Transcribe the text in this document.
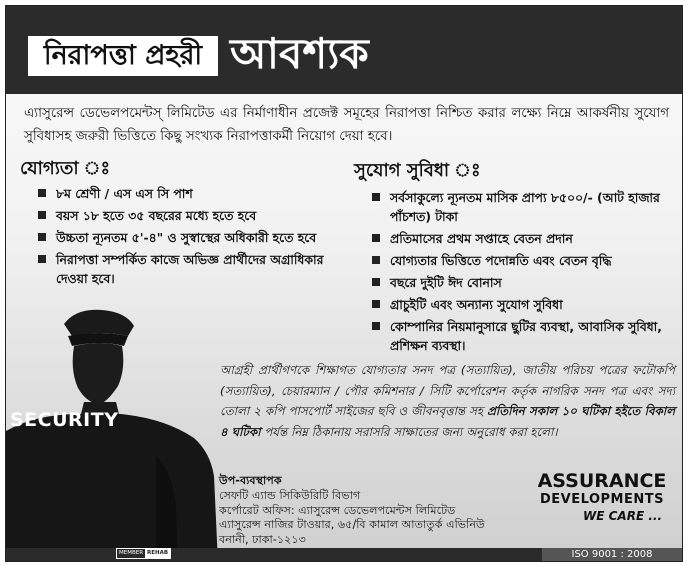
নিরাপত্তা প্রহরী আবশ্যক
এ্যাসুরেন্স ডেভেলপমেন্টস্ লিমিটেড এর নির্মাণাধীন প্রজেক্ট সমূহের নিরাপত্তা নিশ্চিত করার লক্ষ্যে নিম্নে আকর্ষনীয় সুযোগ সুবিধাসহ জরুরী ভিত্তিতে কিছু সংখ্যক নিরাপত্তাকর্মী নিয়োগ দেয়া হবে।
যোগ্যতা ঃ
৮ম শ্রেণী / এস এস সি পাশ
বয়স ১৮ হতে ৩৫ বছরের মধ্যে হতে হবে
উচ্চতা ন্যূনতম ৫'-৪" ও সুস্বাস্থের অধিকারী হতে হবে
নিরাপত্তা সম্পর্কিত কাজে অভিজ্ঞ প্রার্থীদের অগ্রাধিকার দেওয়া হবে।
সুযোগ সুবিধা ঃ
সর্বসাকুল্যে ন্যূনতম মাসিক প্রাপ্য ৮৫০০/- (আট হাজার পাঁচশত) টাকা
প্রতিমাসের প্রথম সপ্তাহে বেতন প্রদান
যোগ্যতার ভিত্তিতে পদোন্নতি এবং বেতন বৃদ্ধি
বছরে দুইটি ঈদ বোনাস
গ্রাচুইটি এবং অন্যান্য সুযোগ সুবিধা
কোম্পানির নিয়মানুসারে ছুটির ব্যবস্থা, আবাসিক সুবিধা, প্রশিক্ষন ব্যবস্থা।
SECURITY
আগ্রহী প্রার্থীগণকে শিক্ষাগত যোগ্যতার সনদ পত্র (সত্যায়িত), জাতীয় পরিচয় পত্রের ফটোকপি (সত্যায়িত), চেয়ারম্যান / পৌর কমিশনার / সিটি কর্পোরেশন কর্তৃক নাগরিক সনদ পত্র এবং সদ্য তোলা ২ কপি পাসপোর্ট সাইজের ছবি ও জীবনবৃত্তান্ত সহ প্রতিদিন সকাল ১০ ঘটিকা হইতে বিকাল ৪ ঘটিকা পর্যন্ত নিম্ন ঠিকানায় সরাসরি সাক্ষাতের জন্য অনুরোধ করা হলো।
উপ-ব্যবস্থাপক
সেফটি এ্যান্ড সিকিউরিটি বিভাগ
কর্পোরেট অফিস: এ্যাসুরেন্স ডেভেলপমেন্টস লিমিটেড
এ্যাসুরেন্স নাজির টাওয়ার, ৬৫/বি কামাল আতাতুর্ক এভিনিউ
বনানী, ঢাকা-১২১৩
ASSURANCE
DEVELOPMENTS
WE CARE ...
MEMBER REHAB	ISO 9001 : 2008
